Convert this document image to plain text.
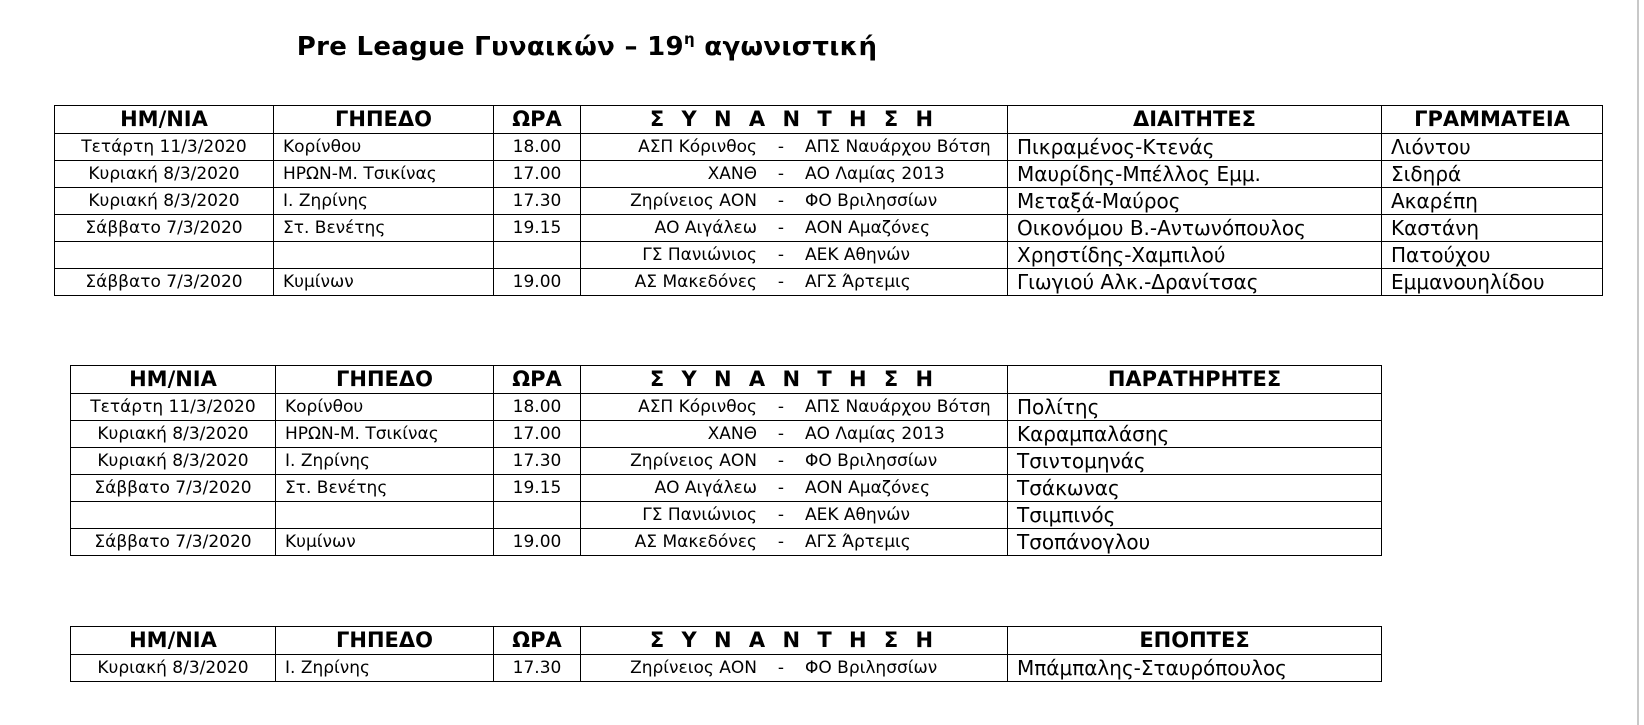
Pre League Γυναικών – $19^\eta$ αγωνιστική
ΗΜ/ΝΙΑ	ΓΗΠΕΔΟ	ΩΡΑ	Σ Υ Ν Α Ν Τ Η Σ Η	ΔΙΑΙΤΗΤΕΣ	ΓΡΑΜΜΑΤΕΙΑ
Τετάρτη 11/3/2020	Κορίνθου	18.00	ΑΣΠ Κόρινθος - ΑΠΣ Ναυάρχου Βότση	Πικραμένος-Κτενάς	Λιόντου
Κυριακή 8/3/2020	ΗΡΩΝ-Μ. Τσικίνας	17.00	ΧΑΝΘ - ΑΟ Λαμίας 2013	Μαυρίδης-Μπέλλος Εμμ.	Σιδηρά
Κυριακή 8/3/2020	Ι. Ζηρίνης	17.30	Ζηρίνειος ΑΟΝ - ΦΟ Βριλησσίων	Μεταξά-Μαύρος	Ακαρέπη
Σάββατο 7/3/2020	Στ. Βενέτης	19.15	ΑΟ Αιγάλεω - ΑΟΝ Αμαζόνες	Οικονόμου Β.-Αντωνόπουλος	Καστάνη

			ΓΣ Πανιώνιος - ΑΕΚ Αθηνών	Χρηστίδης-Χαμπιλού	Πατούχου
Σάββατο 7/3/2020	Κυμίνων	19.00	ΑΣ Μακεδόνες - ΑΓΣ Άρτεμις	Γιωγιού Αλκ.-Δρανίτσας	Εμμανουηλίδου
ΗΜ/ΝΙΑ	ΓΗΠΕΔΟ	ΩΡΑ	Σ Υ Ν Α Ν Τ Η Σ Η	ΠΑΡΑΤΗΡΗΤΕΣ
Τετάρτη 11/3/2020	Κορίνθου	18.00	ΑΣΠ Κόρινθος - ΑΠΣ Ναυάρχου Βότση	Πολίτης
Κυριακή 8/3/2020	ΗΡΩΝ-Μ. Τσικίνας	17.00	ΧΑΝΘ - ΑΟ Λαμίας 2013	Καραμπαλάσης
Κυριακή 8/3/2020	Ι. Ζηρίνης	17.30	Ζηρίνειος ΑΟΝ - ΦΟ Βριλησσίων	Τσιντομηνάς
Σάββατο 7/3/2020	Στ. Βενέτης	19.15	ΑΟ Αιγάλεω - ΑΟΝ Αμαζόνες	Τσάκωνας

			ΓΣ Πανιώνιος - ΑΕΚ Αθηνών	Τσιμπινός
Σάββατο 7/3/2020	Κυμίνων	19.00	ΑΣ Μακεδόνες - ΑΓΣ Άρτεμις	Τσοπάνογλου
ΗΜ/ΝΙΑ	ΓΗΠΕΔΟ	ΩΡΑ	Σ Υ Ν Α Ν Τ Η Σ Η	ΕΠΟΠΤΕΣ
Κυριακή 8/3/2020	Ι. Ζηρίνης	17.30	Ζηρίνειος ΑΟΝ - ΦΟ Βριλησσίων	Μπάμπαλης-Σταυρόπουλος
